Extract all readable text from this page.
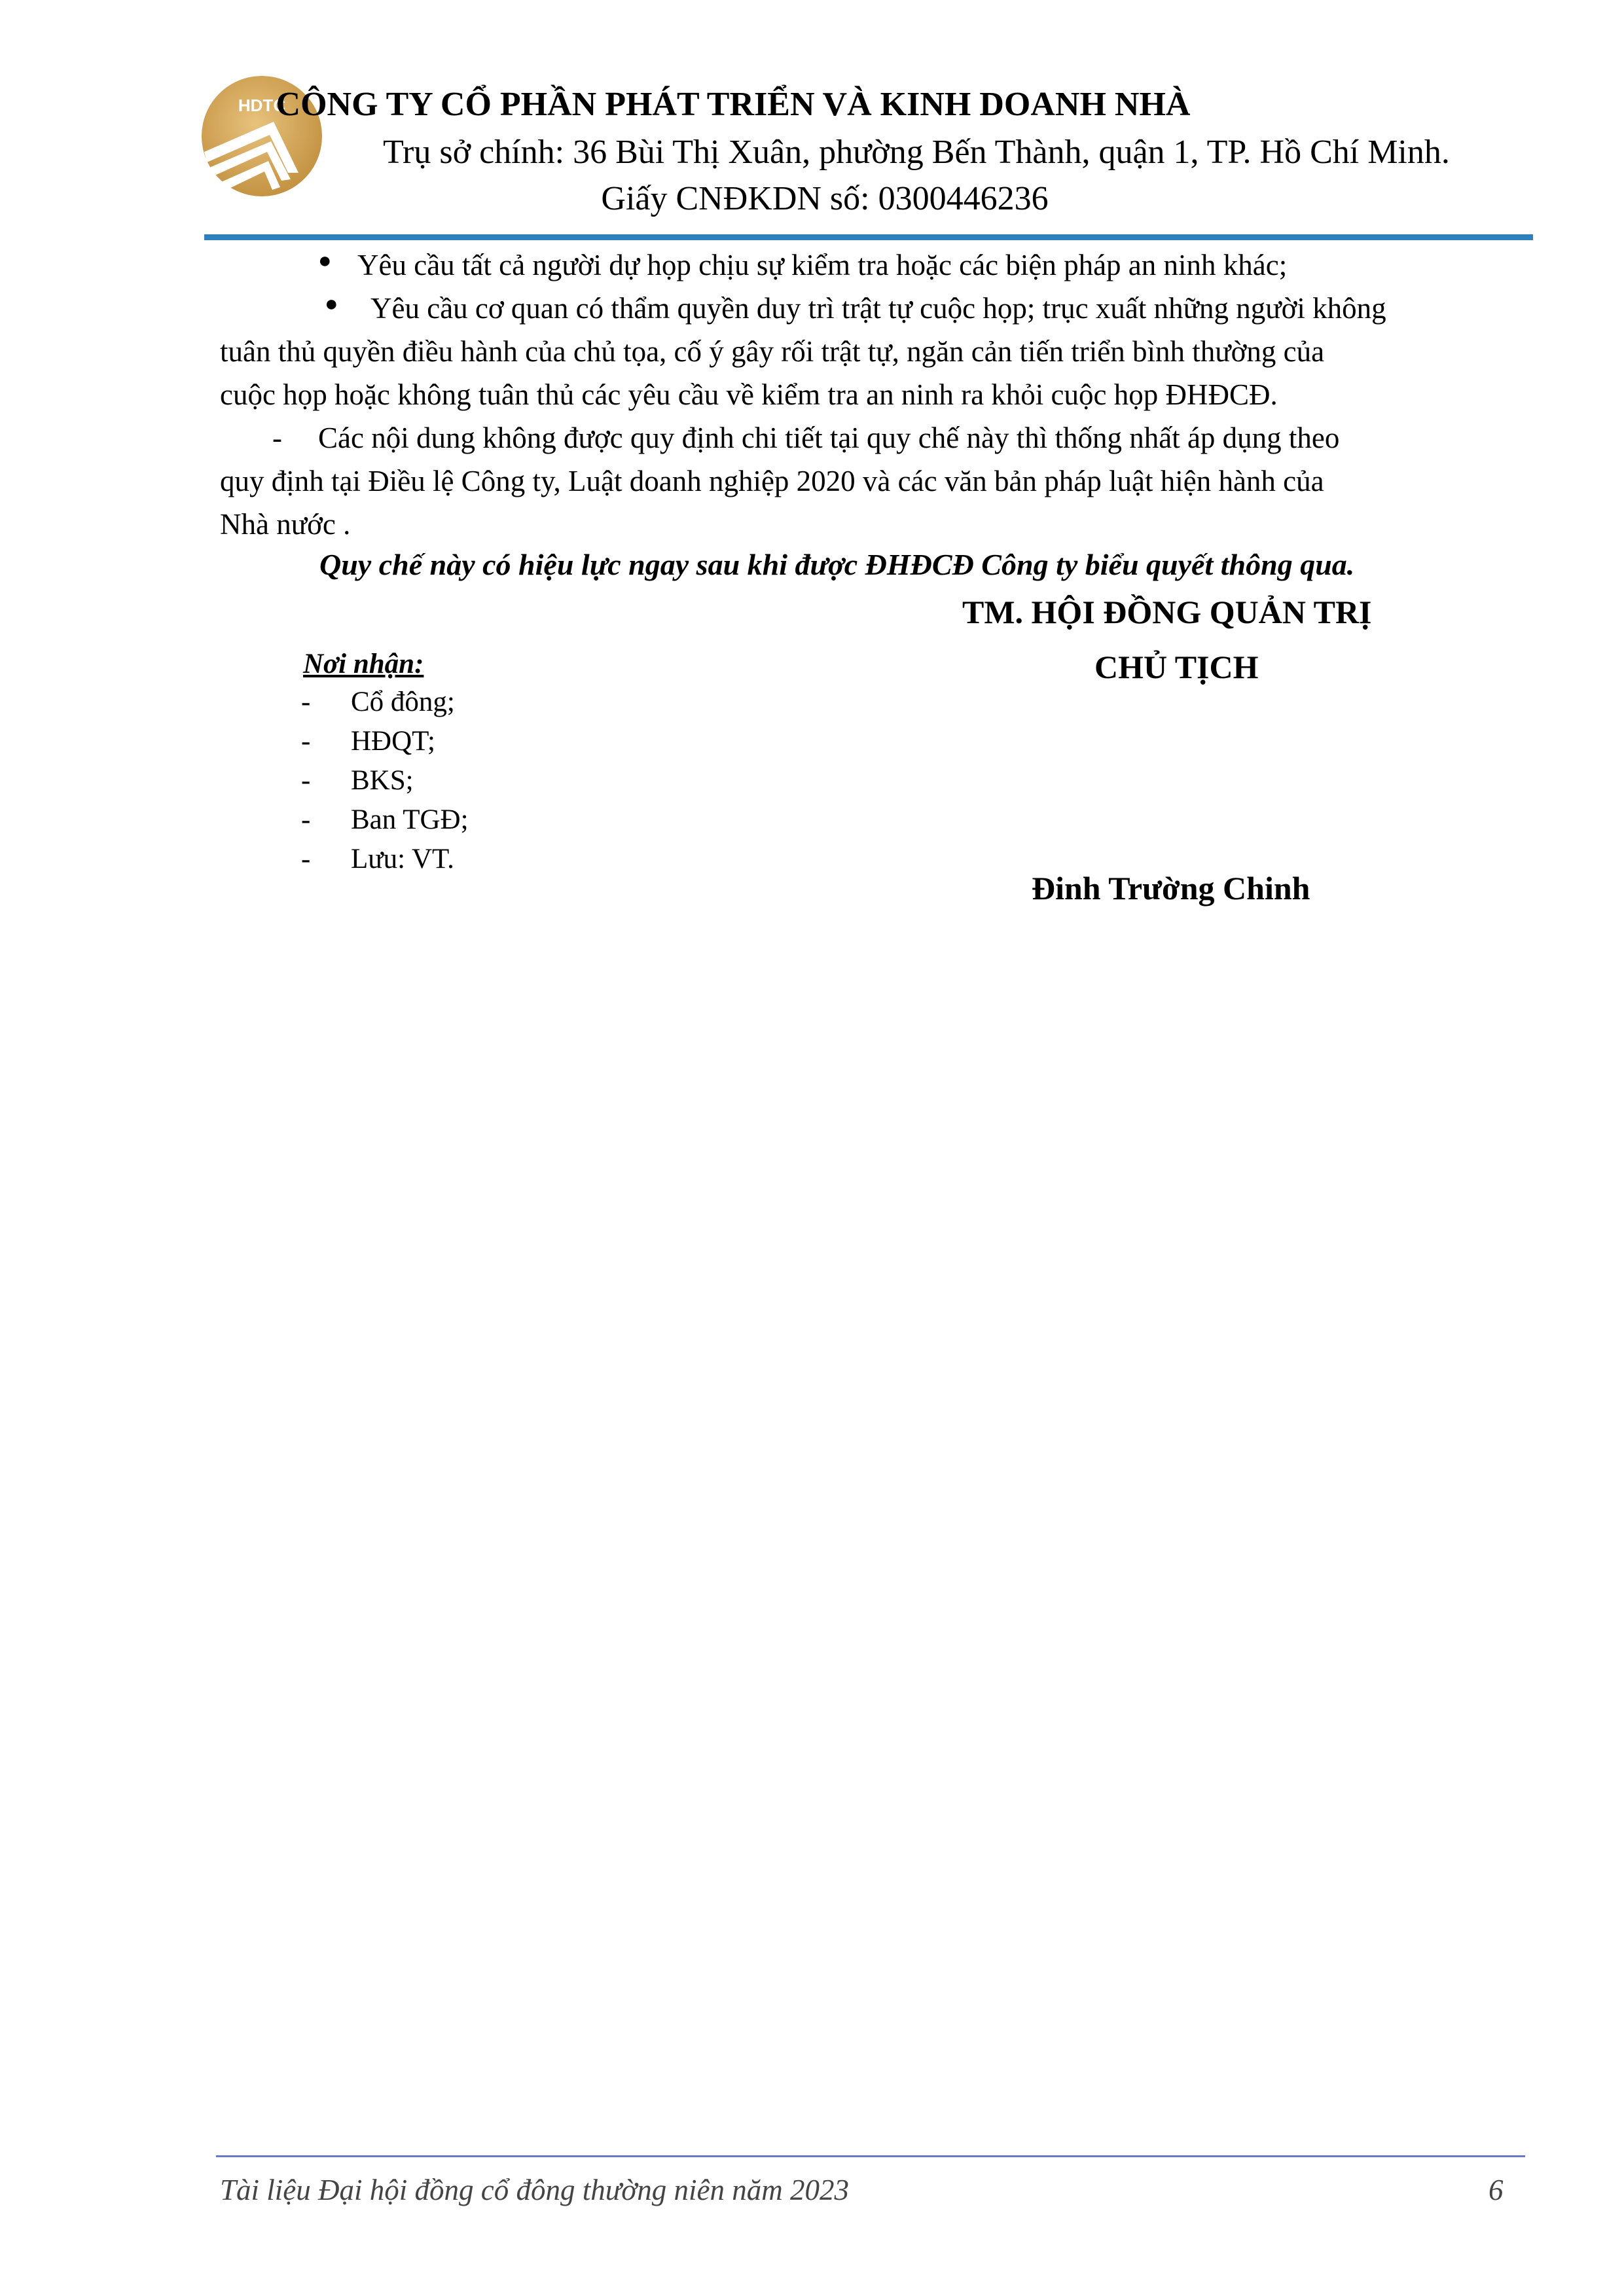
HDTC
CÔNG TY CỔ PHẦN PHÁT TRIỂN VÀ KINH DOANH NHÀ
Trụ sở chính: 36 Bùi Thị Xuân, phường Bến Thành, quận 1, TP. Hồ Chí Minh.
Giấy CNĐKDN số: 0300446236
● Yêu cầu tất cả người dự họp chịu sự kiểm tra hoặc các biện pháp an ninh khác;
● Yêu cầu cơ quan có thẩm quyền duy trì trật tự cuộc họp; trục xuất những người không
tuân thủ quyền điều hành của chủ tọa, cố ý gây rối trật tự, ngăn cản tiến triển bình thường của
cuộc họp hoặc không tuân thủ các yêu cầu về kiểm tra an ninh ra khỏi cuộc họp ĐHĐCĐ.
-	Các nội dung không được quy định chi tiết tại quy chế này thì thống nhất áp dụng theo
quy định tại Điều lệ Công ty, Luật doanh nghiệp 2020 và các văn bản pháp luật hiện hành của
Nhà nước .
Quy chế này có hiệu lực ngay sau khi được ĐHĐCĐ Công ty biểu quyết thông qua.
TM. HỘI ĐỒNG QUẢN TRỊ
CHỦ TỊCH
Đinh Trường Chinh
Nơi nhận:
- Cổ đông;
- HĐQT;
- BKS;
- Ban TGĐ;
- Lưu: VT.
Tài liệu Đại hội đồng cổ đông thường niên năm 2023	6
